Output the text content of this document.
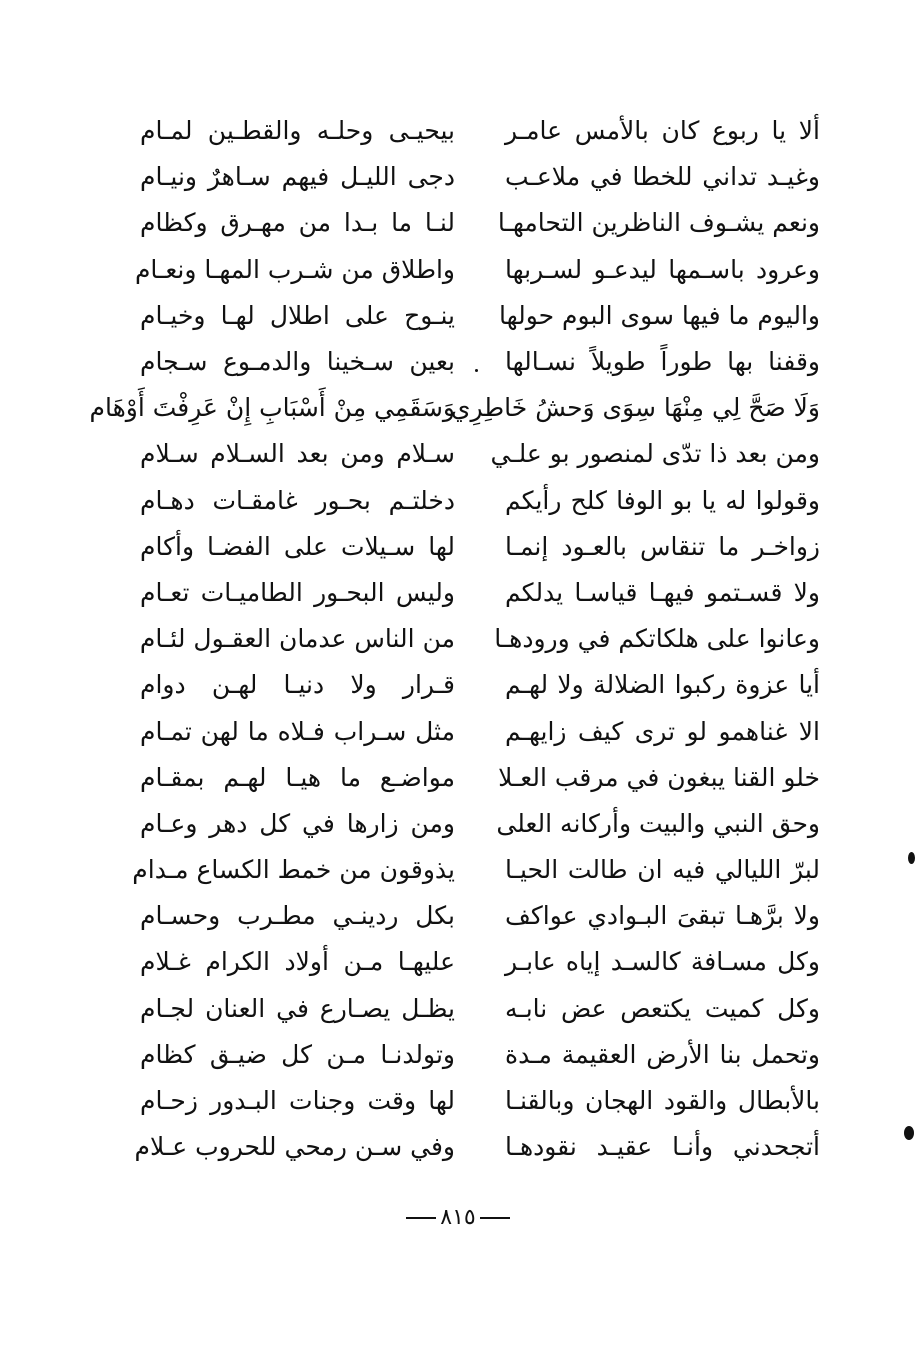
ألا يا ربوع كان بالأمس عامـر
بيحيـى وحلـه والقطـين لمـام
وغيـد تداني للخطا في ملاعـب
دجى الليـل فيهم سـاهرٌ ونيـام
ونعم يشـوف الناظرين التحامهـا
لنـا ما بـدا من مهـرق وكظام
وعرود باسـمها ليدعـو لسـربها
واطلاق من شـرب المهـا ونعـام
واليوم ما فيها سوى البوم حولها
ينـوح على اطلال لهـا وخيـام
وقفنا بها طوراً طويلاً نسـالها
بعين سـخينا والدمـوع سـجام
وَلَا صَحَّ لِي مِنْهَا سِوَى وَحشُ خَاطِرِي
وَسَقَمِي مِنْ أَسْبَابِ إِنْ عَرِفْتَ أَوْهَام
ومن بعد ذا تدّى لمنصور بو علـي
سـلام ومن بعد السـلام سـلام
وقولوا له يا بو الوفا كلح رأيكم
دخلتـم بحـور غامقـات دهـام
زواخـر ما تنقاس بالعـود إنمـا
لها سـيلات على الفضـا وأكام
ولا قسـتمو فيهـا قياسـا يدلكم
وليس البحـور الطاميـات تعـام
وعانوا على هلكاتكم في ورودهـا
من الناس عدمان العقـول لئـام
أيا عزوة ركبوا الضلالة ولا لهـم
قـرار ولا دنيـا لهـن دوام
الا غناهمو لو ترى كيف زايهـم
مثل سـراب فـلاه ما لهن تمـام
خلو القنا يبغون في مرقب العـلا
مواضـع ما هيـا لهـم بمقـام
وحق النبي والبيت وأركانه العلى
ومن زارها في كل دهر وعـام
لبرّ الليالي فيه ان طالت الحيـا
يذوقون من خمط الكساع مـدام
ولا برَّهـا تبقىَ البـوادي عواكف
بكل ردينـي مطـرب وحسـام
وكل مسـافة كالسـد إياه عابـر
عليهـا مـن أولاد الكرام غـلام
وكل كميت يكتعص عض نابـه
يظـل يصـارع في العنان لجـام
وتحمل بنا الأرض العقيمة مـدة
وتولدنـا مـن كل ضيـق كظام
بالأبطال والقود الهجان وبالقنـا
لها وقت وجنات البـدور زحـام
أتجحدني وأنـا عقيـد نقودهـا
وفي سـن رمحي للحروب عـلام
٨١٥
